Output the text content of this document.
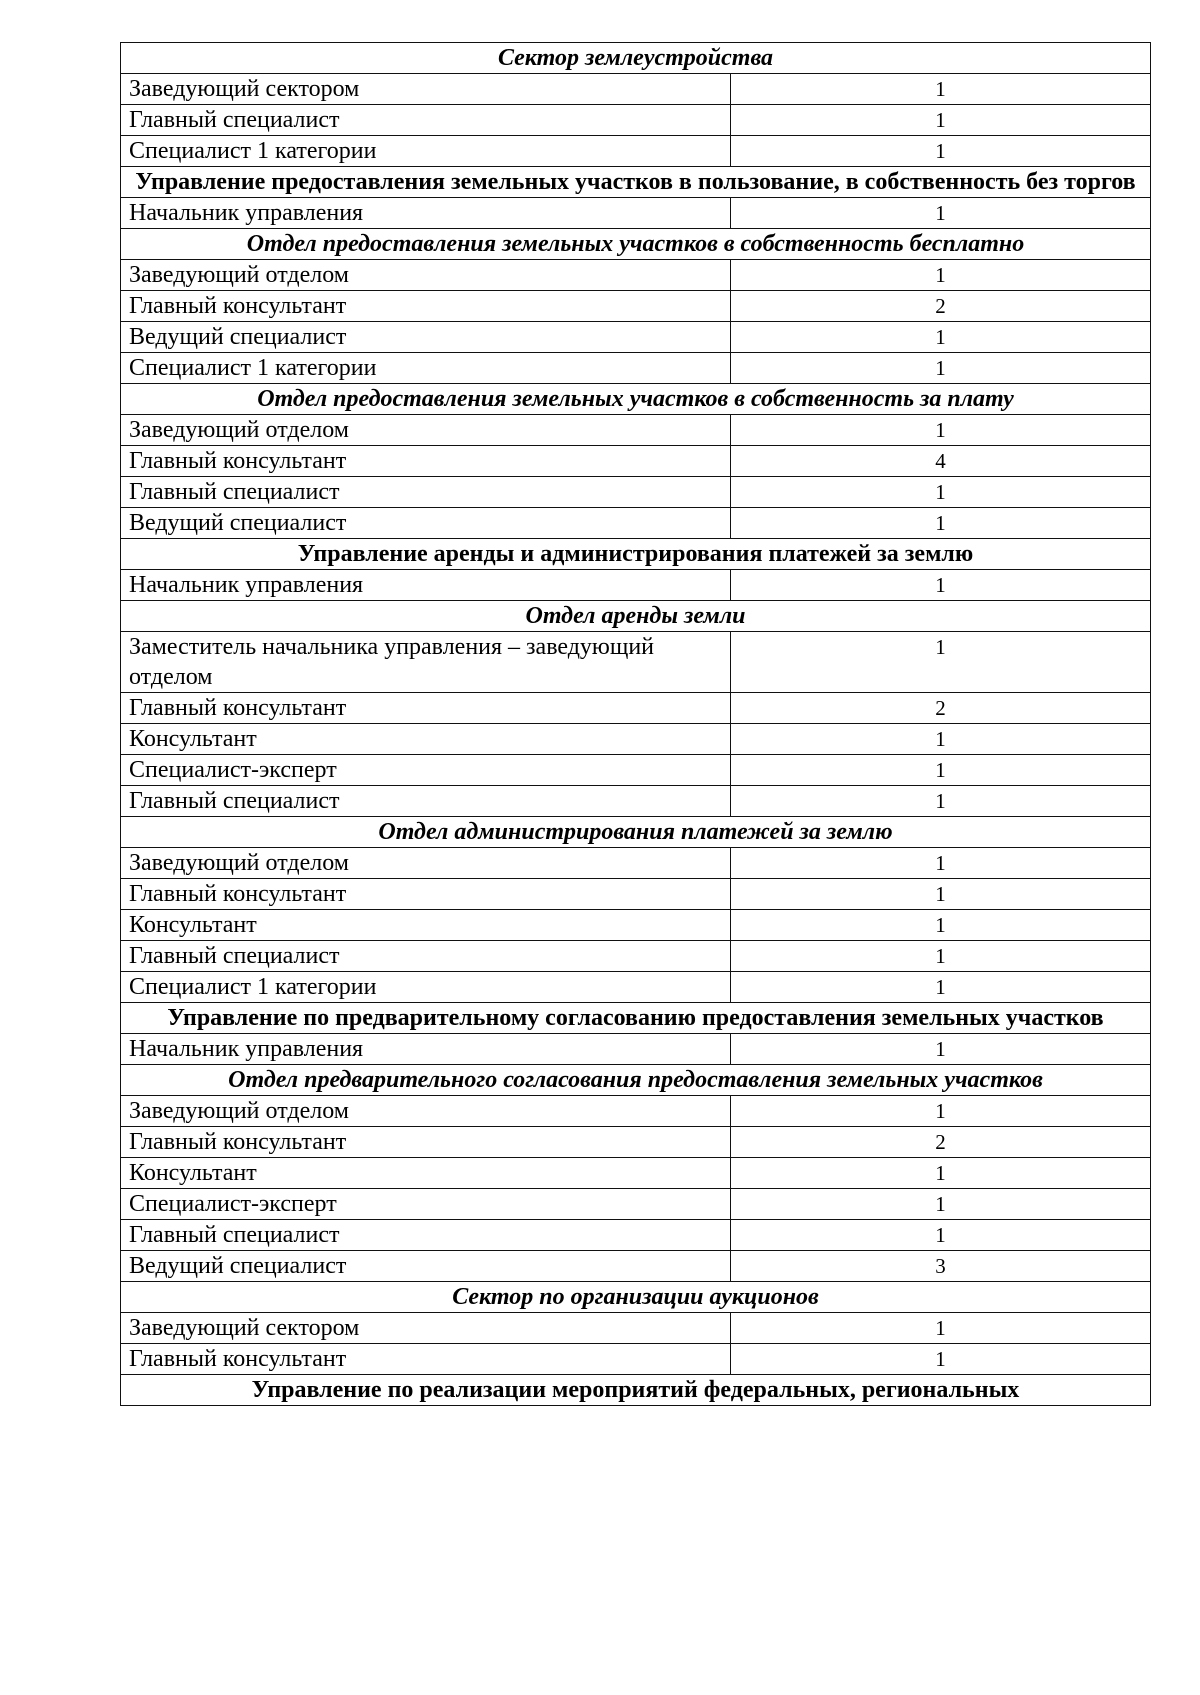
Сектор землеустройства	
Заведующий сектором	1
Главный специалист	1
Специалист 1 категории	1
Управление предоставления земельных участков в пользование, в собственность без торгов	
Начальник управления	1
Отдел предоставления земельных участков в собственность бесплатно	
Заведующий отделом	1
Главный консультант	2
Ведущий специалист	1
Специалист 1 категории	1
Отдел предоставления земельных участков в собственность за плату	
Заведующий отделом	1
Главный консультант	4
Главный специалист	1
Ведущий специалист	1
Управление аренды и администрирования платежей за землю	
Начальник управления	1
Отдел аренды земли	
Заместитель начальника управления – заведующий отделом	1
Главный консультант	2
Консультант	1
Специалист-эксперт	1
Главный специалист	1
Отдел администрирования платежей за землю	
Заведующий отделом	1
Главный консультант	1
Консультант	1
Главный специалист	1
Специалист 1 категории	1
Управление по предварительному согласованию предоставления земельных участков	
Начальник управления	1
Отдел предварительного согласования предоставления земельных участков	
Заведующий отделом	1
Главный консультант	2
Консультант	1
Специалист-эксперт	1
Главный специалист	1
Ведущий специалист	3
Сектор по организации аукционов	
Заведующий сектором	1
Главный консультант	1
Управление по реализации мероприятий федеральных, региональных	
